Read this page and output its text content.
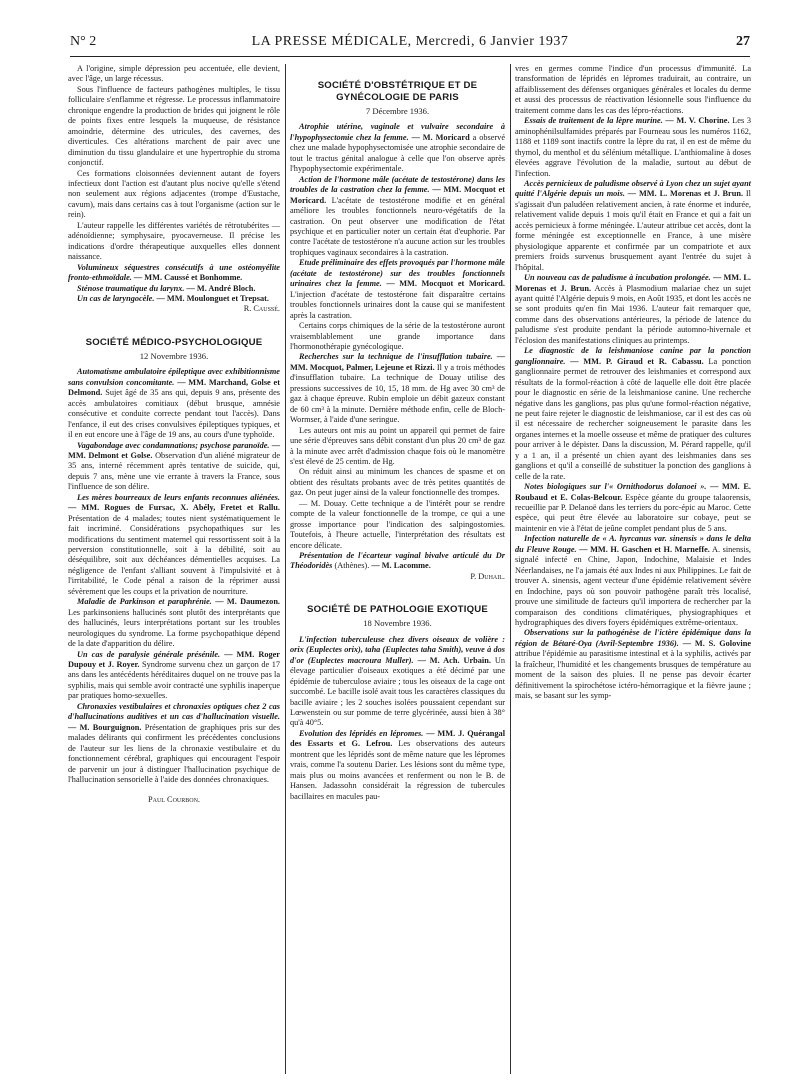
N° 2	LA PRESSE MÉDICALE, Mercredi, 6 Janvier 1937	27

A l'origine, simple dépression peu accentuée, elle devient, avec l'âge, un large récessus.

Sous l'influence de facteurs pathogènes multiples, le tissu folliculaire s'enflamme et régresse. Le processus inflammatoire chronique engendre la production de brides qui joignent le rôle de points fixes entre lesquels la muqueuse, de résistance amoindrie, détermine des utricules, des cavernes, des diverticules. Ces altérations marchent de pair avec une diminution du tissu glandulaire et une hypertrophie du stroma conjonctif.

Ces formations cloisonnées deviennent autant de foyers infectieux dont l'action est d'autant plus nocive qu'elle s'étend non seulement aux régions adjacentes (trompe d'Eustache, cavum), mais dans certains cas à tout l'organisme (action sur le rein).

L'auteur rappelle les différentes variétés de rétrotubérites — adénoïdienne; symphysaire, pyocaverneuse. Il précise les indications d'ordre thérapeutique auxquelles elles donnent naissance.

Volumineux séquestres consécutifs à une ostéomyélite fronto-ethmoïdale. — MM. Caussé et Bonhomme.

Sténose traumatique du larynx. — M. André Bloch.

Un cas de laryngocèle. — MM. Moulonguet et Trepsat.

R. Caussé.

SOCIÉTÉ MÉDICO-PSYCHOLOGIQUE

12 Novembre 1936.

Automatisme ambulatoire épileptique avec exhibitionnisme sans convulsion concomitante. — MM. Marchand, Golse et Delmond. Sujet âgé de 35 ans qui, depuis 9 ans, présente des accès ambulatoires comitiaux (début brusque, amnésie consécutive et conduite correcte pendant tout l'accès). Dans l'enfance, il eut des crises convulsives épileptiques typiques, et il en eut encore une à l'âge de 19 ans, au cours d'une typhoïde.

Vagabondage avec condamnations; psychose paranoïde. — MM. Delmont et Golse. Observation d'un aliéné migrateur de 35 ans, interné récemment après tentative de suicide, qui, depuis 7 ans, mène une vie errante à travers la France, sous l'influence de son délire.

Les mères bourreaux de leurs enfants reconnues aliénées. — MM. Rogues de Fursac, X. Abély, Fretet et Rallu. Présentation de 4 malades; toutes nient systématiquement le fait incriminé. Considérations psychopathiques sur les modifications du sentiment maternel qui ressortissent soit à la perversion constitutionnelle, soit à la débilité, soit au déséquilibre, soit aux déchéances démentielles acquises. La négligence de l'enfant s'alliant souvent à l'impulsivité et à l'irritabilité, le Code pénal a raison de la réprimer aussi sévèrement que les coups et la privation de nourriture.

Maladie de Parkinson et paraphrénie. — M. Daumezon. Les parkinsoniens hallucinés sont plutôt des interprétants que des hallucinés, leurs interprétations portant sur les troubles neurologiques du syndrome. La forme psychopathique dépend de la date d'apparition du délire.

Un cas de paralysie générale présénile. — MM. Roger Dupouy et J. Royer. Syndrome survenu chez un garçon de 17 ans dans les antécédents héréditaires duquel on ne trouve pas la syphilis, mais qui semble avoir contracté une syphilis inaperçue par pratiques homo-sexuelles.

Chronaxies vestibulaires et chronaxies optiques chez 2 cas d'hallucinations auditives et un cas d'hallucination visuelle. — M. Bourguignon. Présentation de graphiques pris sur des malades délirants qui confirment les précédentes conclusions de l'auteur sur les liens de la chronaxie vestibulaire et du fonctionnement cérébral, graphiques qui encouragent l'espoir de parvenir un jour à distinguer l'hallucination psychique de l'hallucination sensorielle à l'aide des données chronaxiques.

Paul Courbon.

SOCIÉTÉ D'OBSTÉTRIQUE ET DE GYNÉCOLOGIE DE PARIS

7 Décembre 1936.

Atrophie utérine, vaginale et vulvaire secondaire à l'hypophysectomie chez la femme. — M. Moricard a observé chez une malade hypophysectomisée une atrophie secondaire de tout le tractus génital analogue à celle que l'on observe après l'hypophysectomie expérimentale.

Action de l'hormone mâle (acétate de testostérone) dans les troubles de la castration chez la femme. — MM. Mocquot et Moricard. L'acétate de testostérone modifie et en général améliore les troubles fonctionnels neuro-végétatifs de la castration. On peut observer une modification de l'état psychique et en particulier noter un certain état d'euphorie. Par contre l'acétate de testostérone n'a aucune action sur les troubles trophiques vaginaux secondaires à la castration.

Etude préliminaire des effets provoqués par l'hormone mâle (acétate de testostérone) sur des troubles fonctionnels urinaires chez la femme. — MM. Mocquot et Moricard. L'injection d'acétate de testostérone fait disparaître certains troubles fonctionnels urinaires dont la cause qui se manifestent après la castration.

Certains corps chimiques de la série de la testostérone auront vraisemblablement une grande importance dans l'hormonothérapie gynécologique.

Recherches sur la technique de l'insufflation tubaire. — MM. Mocquot, Palmer, Lejeune et Rizzi. Il y a trois méthodes d'insufflation tubaire. La technique de Douay utilise des pressions successives de 10, 15, 18 mm. de Hg avec 30 cm³ de gaz à chaque épreuve. Rubin emploie un débit gazeux constant de 60 cm³ à la minute. Dernière méthode enfin, celle de Bloch-Wormser, à l'aide d'une seringue.

Les auteurs ont mis au point un appareil qui permet de faire une série d'épreuves sans débit constant d'un plus 20 cm³ de gaz à la minute avec arrêt d'admission chaque fois où le manomètre s'est élevé de 25 centim. de Hg.

On réduit ainsi au minimum les chances de spasme et on obtient des résultats probants avec de très petites quantités de gaz. On peut juger ainsi de la valeur fonctionnelle des trompes.

— M. Douay. Cette technique a de l'intérêt pour se rendre compte de la valeur fonctionnelle de la trompe, ce qui a une grosse importance pour l'indication des salpingostomies. Toutefois, à l'heure actuelle, l'interprétation des résultats est encore délicate.

Présentation de l'écarteur vaginal bivalve articulé du Dr Théodoridès (Athènes). — M. Lacomme.

P. Duhail.

SOCIÉTÉ DE PATHOLOGIE EXOTIQUE

18 Novembre 1936.

L'infection tuberculeuse chez divers oiseaux de volière : orix (Euplectes orix), taha (Euplectes taha Smith), veuve à dos d'or (Euplectes macroura Muller). — M. Ach. Urbain. Un élevage particulier d'oiseaux exotiques a été décimé par une épidémie de tuberculose aviaire ; tous les oiseaux de la cage ont succombé. Le bacille isolé avait tous les caractères classiques du bacille aviaire ; les 2 souches isolées poussaient cependant sur Lœwenstein ou sur pomme de terre glycérinée, aussi bien à 38° qu'à 40°5.

Evolution des lépridés en lépromes. — MM. J. Quérangal des Essarts et G. Lefrou. Les observations des auteurs montrent que les lépridés sont de même nature que les lépromes vrais, comme l'a soutenu Darier. Les lésions sont du même type, mais plus ou moins avancées et renferment ou non le B. de Hansen. Jadassohn considérait la régression de tubercules bacillaires en macules pau-

vres en germes comme l'indice d'un processus d'immunité. La transformation de lépridés en lépromes traduirait, au contraire, un affaiblissement des défenses organiques générales et locales du derme et aussi des processus de réactivation lésionnelle sous l'influence du traitement comme dans les cas des lépro-réactions.

Essais de traitement de la lèpre murine. — M. V. Chorine. Les 3 aminophénilsulfamides préparés par Fourneau sous les numéros 1162, 1188 et 1189 sont inactifs contre la lèpre du rat, il en est de même du thymol, du menthol et du sélénium métallique. L'anthiomaline à doses élevées aggrave l'évolution de la maladie, surtout au début de l'infection.

Accès pernicieux de paludisme observé à Lyon chez un sujet ayant quitté l'Algérie depuis un mois. — MM. L. Morenas et J. Brun. Il s'agissait d'un paludéen relativement ancien, à rate énorme et indurée, relativement valide depuis 1 mois qu'il était en France et qui a fait un accès pernicieux à forme méningée. L'auteur attribue cet accès, dont la forme méningée est exceptionnelle en France, à une misère physiologique apparente et confirmée par un compatriote et aux premiers froids survenus brusquement ayant l'entrée du sujet à l'hôpital.

Un nouveau cas de paludisme à incubation prolongée. — MM. L. Morenas et J. Brun. Accès à Plasmodium malariae chez un sujet ayant quitté l'Algérie depuis 9 mois, en Août 1935, et dont les accès ne se sont produits qu'en fin Mai 1936. L'auteur fait remarquer que, comme dans des observations antérieures, la période de latence du paludisme s'est produite pendant la période automno-hivernale et l'éclosion des manifestations cliniques au printemps.

Le diagnostic de la leishmaniose canine par la ponction ganglionnaire. — MM. P. Giraud et R. Cabassu. La ponction ganglionnaire permet de retrouver des leishmanies et correspond aux résultats de la formol-réaction à côté de laquelle elle doit être placée pour le diagnostic en série de la leishmaniose canine. Une recherche négative dans les ganglions, pas plus qu'une formol-réaction négative, ne peut faire rejeter le diagnostic de leishmaniose, car il est des cas où il est nécessaire de rechercher soigneusement le parasite dans les organes internes et la moelle osseuse et même de pratiquer des cultures pour arriver à le dépister. Dans la discussion, M. Pérard rappelle, qu'il y a 1 an, il a présenté un chien ayant des leishmanies dans ses ganglions et qu'il a conseillé de substituer la ponction des ganglions à celle de la rate.

Notes biologiques sur l'« Ornithodorus dolanoei ». — MM. E. Roubaud et E. Colas-Belcour. Espèce géante du groupe talaorensis, recueillie par P. Delanoë dans les terriers du porc-épic au Maroc. Cette espèce, qui peut être élevée au laboratoire sur cobaye, peut se maintenir en vie à l'état de jeûne complet pendant plus de 5 ans.

Infection naturelle de « A. hyrcanus var. sinensis » dans le delta du Fleuve Rouge. — MM. H. Gaschen et H. Marneffe. A. sinensis, signalé infecté en Chine, Japon, Indochine, Malaisie et Indes Néerlandaises, ne l'a jamais été aux Indes ni aux Philippines. Le fait de trouver A. sinensis, agent vecteur d'une épidémie relativement sévère en Indochine, pays où son pouvoir pathogène paraît très localisé, prouve une similitude de facteurs qu'il importera de rechercher par la comparaison des conditions climatériques, physiographiques et hydrographiques des divers foyers épidémiques extrême-orientaux.

Observations sur la pathogénèse de l'ictère épidémique dans la région de Bétaré-Oya (Avril-Septembre 1936). — M. S. Golovine attribue l'épidémie au parasitisme intestinal et à la syphilis, activés par la fraîcheur, l'humidité et les changements brusques de température au moment de la saison des pluies. Il ne pense pas devoir écarter définitivement la spirochétose ictéro-hémorragique et la fièvre jaune ; mais, se basant sur les symp-
